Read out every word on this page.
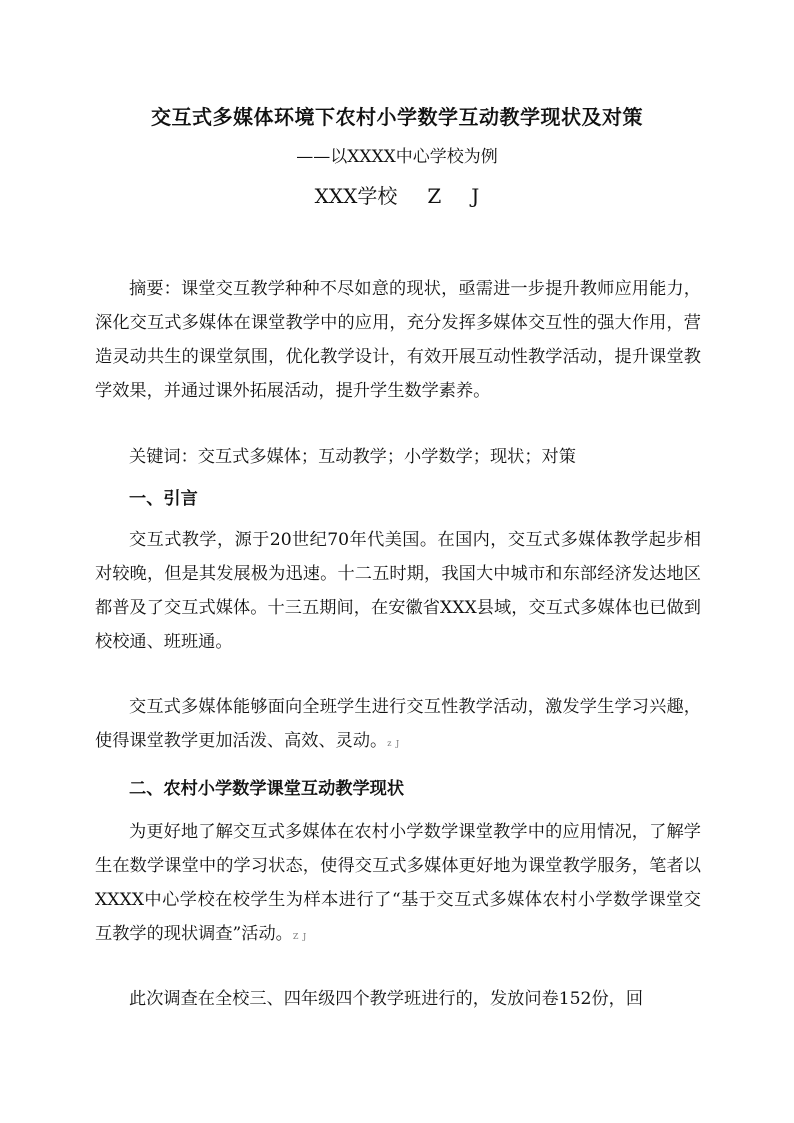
交互式多媒体环境下农村小学数学互动教学现状及对策
——以XXXX中心学校为例
XXX学校 Z J
摘要：课堂交互教学种种不尽如意的现状，亟需进一步提升教师应用能力，深化交互式多媒体在课堂教学中的应用，充分发挥多媒体交互性的强大作用，营造灵动共生的课堂氛围，优化教学设计，有效开展互动性教学活动，提升课堂教学效果，并通过课外拓展活动，提升学生数学素养。
关键词：交互式多媒体；互动教学；小学数学；现状；对策
一、引言
交互式教学，源于20世纪70年代美国。在国内，交互式多媒体教学起步相对较晚，但是其发展极为迅速。十二五时期，我国大中城市和东部经济发达地区都普及了交互式媒体。十三五期间，在安徽省XXX县域，交互式多媒体也已做到校校通、班班通。
交互式多媒体能够面向全班学生进行交互性教学活动，激发学生学习兴趣，使得课堂教学更加活泼、高效、灵动。z J
二、农村小学数学课堂互动教学现状
为更好地了解交互式多媒体在农村小学数学课堂教学中的应用情况，了解学生在数学课堂中的学习状态，使得交互式多媒体更好地为课堂教学服务，笔者以XXXX中心学校在校学生为样本进行了“基于交互式多媒体农村小学数学课堂交互教学的现状调查”活动。Z J
此次调查在全校三、四年级四个教学班进行的，发放问卷152份，回
